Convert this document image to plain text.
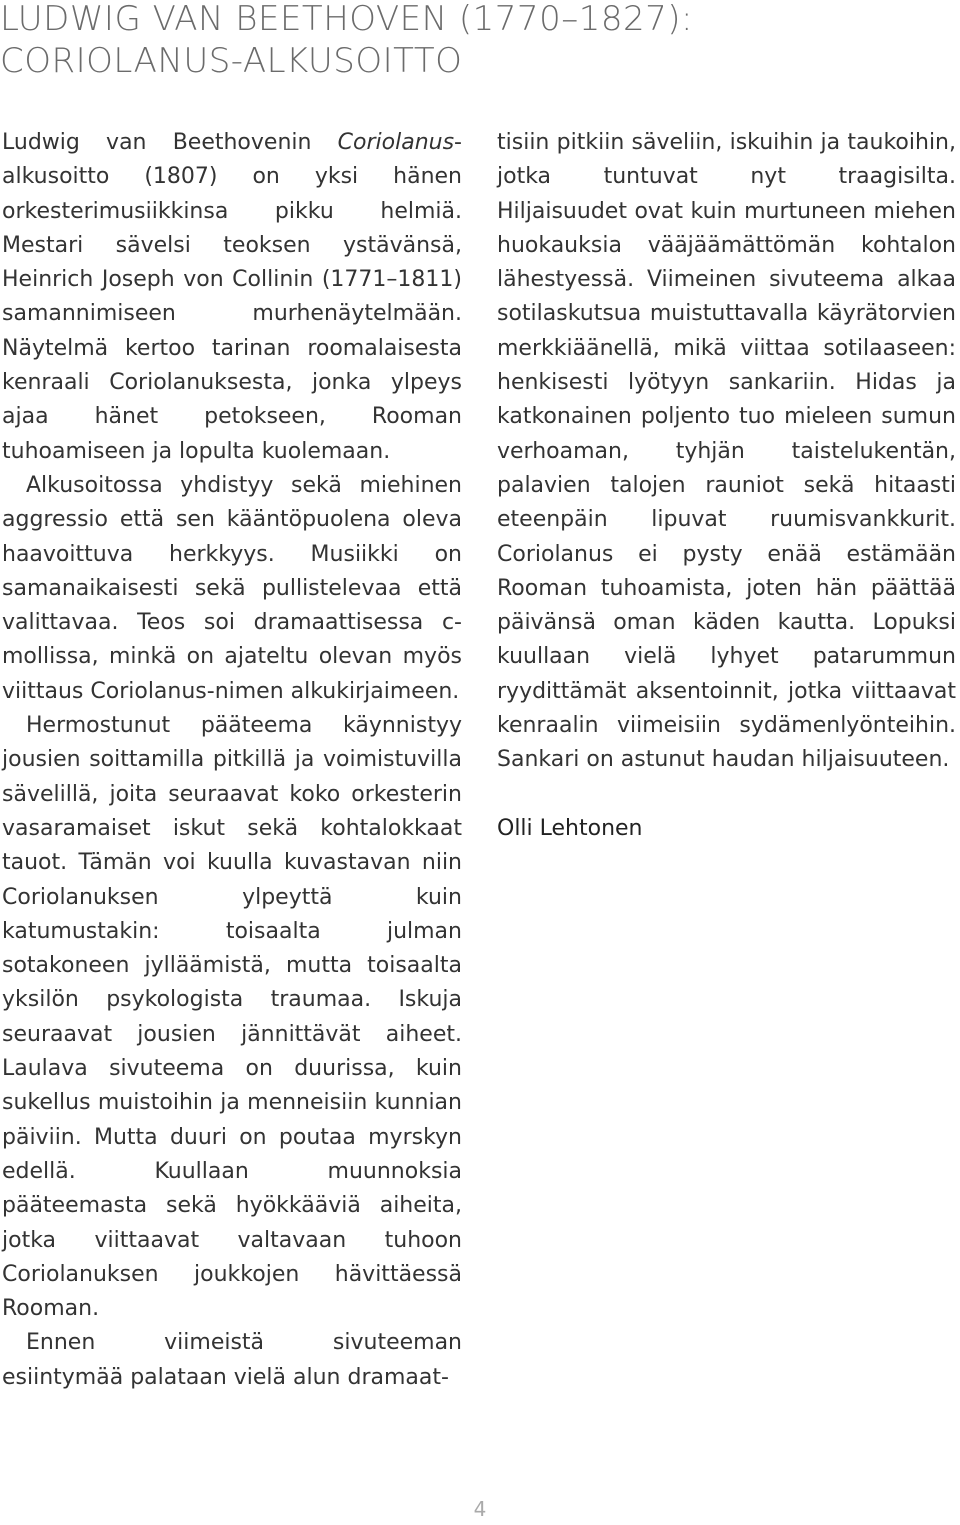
LUDWIG VAN BEETHOVEN (1770–1827): CORIOLANUS-ALKUSOITTO

Ludwig van Beethovenin Coriolanus-alkusoitto (1807) on yksi hänen orkesterimusiikkinsa pikku helmiä. Mestari sävelsi teoksen ystävänsä, Heinrich Joseph von Collinin (1771–1811) samannimiseen murhenäytelmään. Näytelmä kertoo tarinan roomalaisesta kenraali Coriolanuksesta, jonka ylpeys ajaa hänet petokseen, Rooman tuhoamiseen ja lopulta kuolemaan.

Alkusoitossa yhdistyy sekä miehinen aggressio että sen kääntöpuolena oleva haavoittuva herkkyys. Musiikki on samanaikaisesti sekä pullistelevaa että valittavaa. Teos soi dramaattisessa c-mollissa, minkä on ajateltu olevan myös viittaus Coriolanus-nimen alkukirjaimeen.

Hermostunut pääteema käynnistyy jousien soittamilla pitkillä ja voimistuvilla sävelillä, joita seuraavat koko orkesterin vasaramaiset iskut sekä kohtalokkaat tauot. Tämän voi kuulla kuvastavan niin Coriolanuksen ylpeyttä kuin katumustakin: toisaalta julman sotakoneen jylläämistä, mutta toisaalta yksilön psykologista traumaa. Iskuja seuraavat jousien jännittävät aiheet. Laulava sivuteema on duurissa, kuin sukellus muistoihin ja menneisiin kunnian päiviin. Mutta duuri on poutaa myrskyn edellä. Kuullaan muunnoksia pääteemasta sekä hyökkääviä aiheita, jotka viittaavat valtavaan tuhoon Coriolanuksen joukkojen hävittäessä Rooman.

Ennen viimeistä sivuteeman esiintymää palataan vielä alun dramaat-

tisiin pitkiin säveliin, iskuihin ja taukoihin, jotka tuntuvat nyt traagisilta. Hiljaisuudet ovat kuin murtuneen miehen huokauksia vääjäämättömän kohtalon lähestyessä. Viimeinen sivuteema alkaa sotilaskutsua muistuttavalla käyrätorvien merkkiäänellä, mikä viittaa sotilaaseen: henkisesti lyötyyn sankariin. Hidas ja katkonainen poljento tuo mieleen sumun verhoaman, tyhjän taistelukentän, palavien talojen rauniot sekä hitaasti eteenpäin lipuvat ruumisvankkurit. Coriolanus ei pysty enää estämään Rooman tuhoamista, joten hän päättää päivänsä oman käden kautta. Lopuksi kuullaan vielä lyhyet patarummun ryydittämät aksentoinnit, jotka viittaavat kenraalin viimeisiin sydämenlyönteihin. Sankari on astunut haudan hiljaisuuteen.

Olli Lehtonen

4
